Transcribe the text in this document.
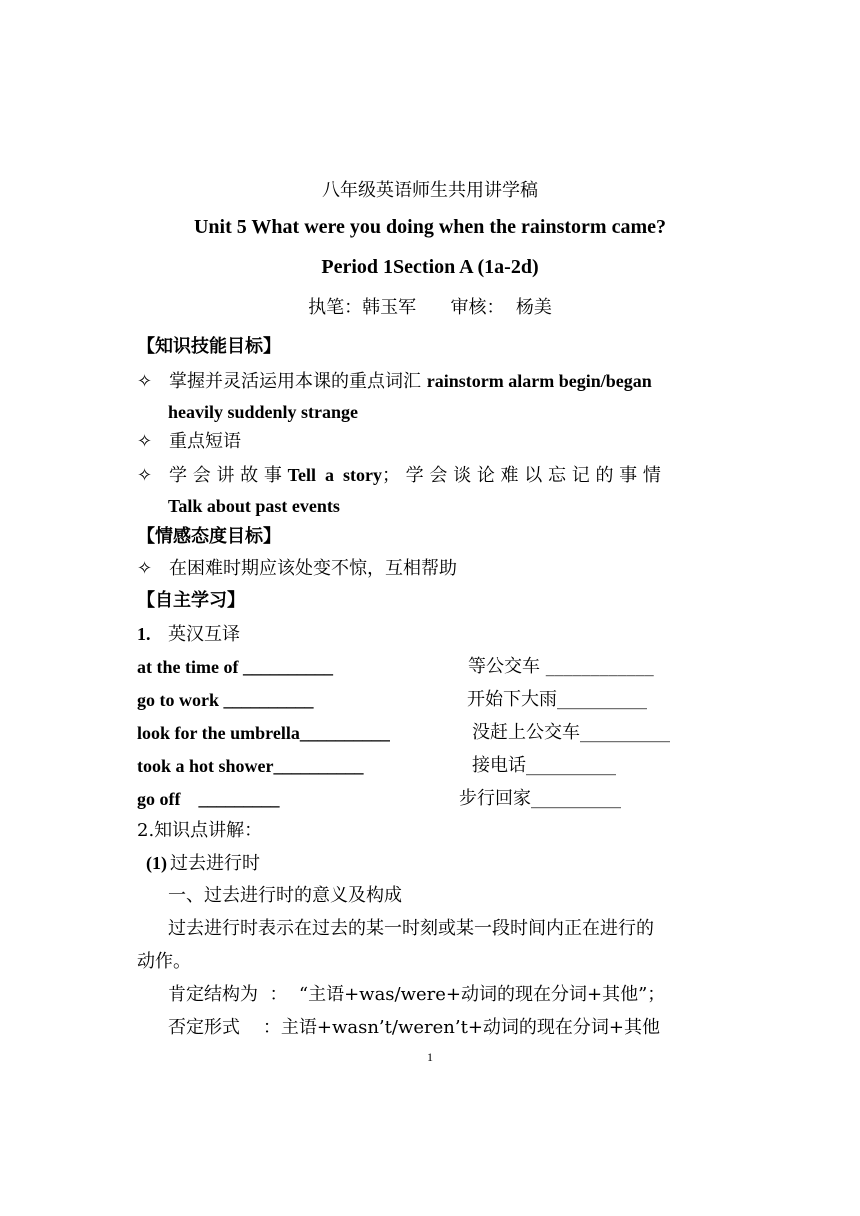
八年级英语师生共用讲学稿
Unit 5 What were you doing when the rainstorm came?
Period 1Section A (1a-2d)
执笔：韩玉军      审核：  杨美
【知识技能目标】
✧ 掌握并灵活运用本课的重点词汇 rainstorm alarm begin/began
heavily suddenly strange
✧ 重点短语
✧ 学 会 讲 故 事 Tell  a  story； 学 会 谈 论 难 以 忘 记 的 事 情
Talk about past events
【情感态度目标】
✧ 在困难时期应该处变不惊，互相帮助
【自主学习】
1. 英汉互译
at the time of __________	等公交车 ____________
go to work __________	开始下大雨__________
look for the umbrella__________	没赶上公交车__________
took a hot shower__________	接电话__________
go off    _________	步行回家__________
2.知识点讲解：
(1) 过去进行时
一、过去进行时的意义及构成
过去进行时表示在过去的某一时刻或某一段时间内正在进行的
动作。
肯定结构为  ：  “主语+was/were+动词的现在分词+其他”；
否定形式    ：主语+wasn’t/weren’t+动词的现在分词+其他
1
